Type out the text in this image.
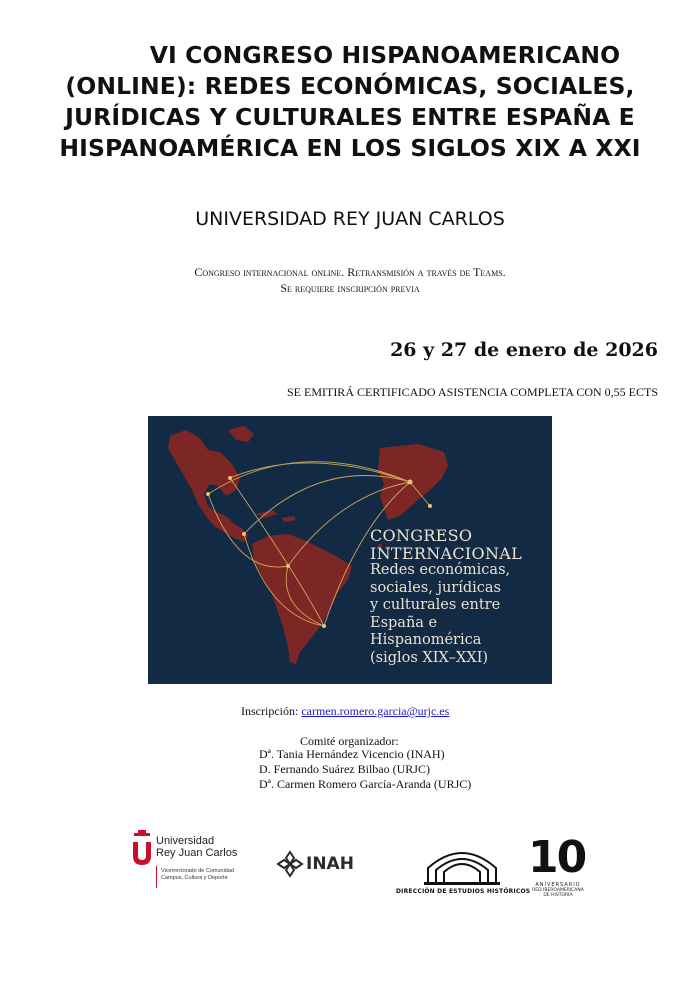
VI CONGRESO HISPANOAMERICANO
(ONLINE): REDES ECONÓMICAS, SOCIALES,
JURÍDICAS Y CULTURALES ENTRE ESPAÑA E
HISPANOAMÉRICA EN LOS SIGLOS XIX A XXI
UNIVERSIDAD REY JUAN CARLOS
Congreso internacional online. Retransmisión a través de Teams.
Se requiere inscripción previa
26 y 27 de enero de 2026
SE EMITIRÁ CERTIFICADO ASISTENCIA COMPLETA CON 0,55 ECTS
CONGRESO
INTERNACIONAL
Redes económicas,
sociales, jurídicas
y culturales entre
España e Hispanomérica
(siglos XIX–XXI)
Inscripción: carmen.romero.garcia@urjc.es
Comité organizador:
Dª. Tania Hernández Vicencio (INAH)
D. Fernando Suárez Bilbao (URJC)
Dª. Carmen Romero García-Aranda (URJC)
Universidad
Rey Juan Carlos
Vicerrectorado de Comunidad
Campus, Cultura y Deporte
INAH
DIRECCIÓN DE ESTUDIOS HISTÓRICOS
10
ANIVERSARIO
RED IBEROAMERICANA
DE HISTORIA
